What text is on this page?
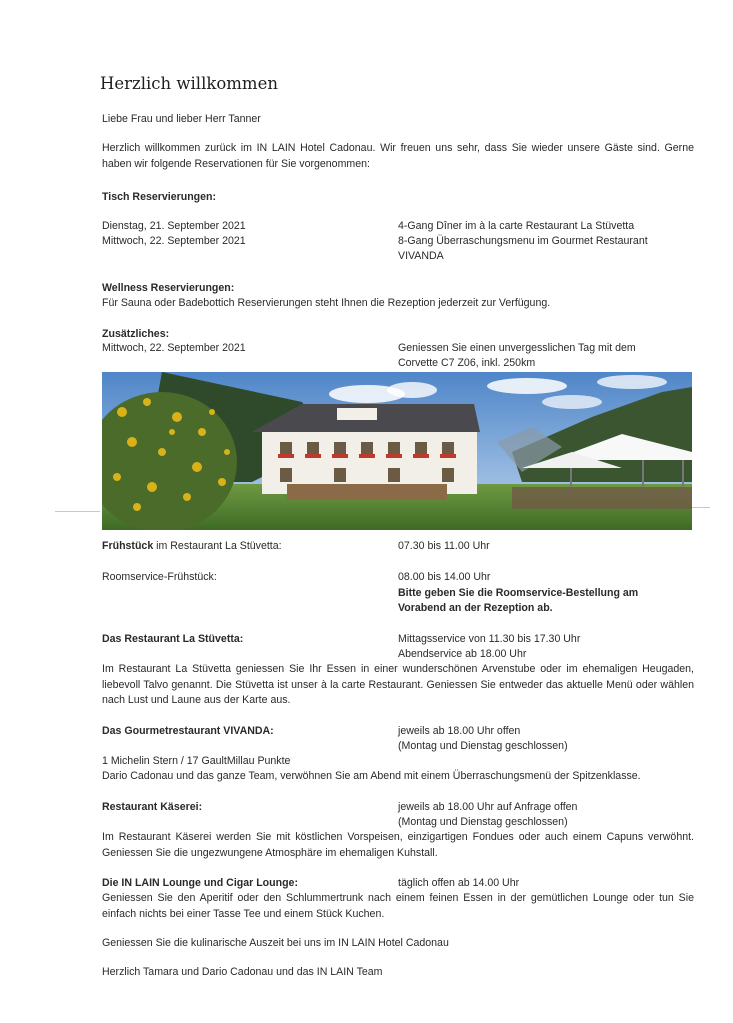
Herzlich willkommen
Liebe Frau und lieber Herr Tanner
Herzlich willkommen zurück im IN LAIN Hotel Cadonau. Wir freuen uns sehr, dass Sie wieder unsere Gäste sind. Gerne haben wir folgende Reservationen für Sie vorgenommen:
Tisch Reservierungen:
Dienstag, 21. September 2021	4-Gang Dîner im à la carte Restaurant La Stüvetta
Mittwoch, 22. September 2021	8-Gang Überraschungsmenu im Gourmet Restaurant
VIVANDA
Wellness Reservierungen:
Für Sauna oder Badebottich Reservierungen steht Ihnen die Rezeption jederzeit zur Verfügung.
Zusätzliches:
Mittwoch, 22. September 2021	Geniessen Sie einen unvergesslichen Tag mit dem
Corvette C7 Z06, inkl. 250km
Frühstück im Restaurant La Stüvetta:	07.30 bis 11.00 Uhr
Roomservice-Frühstück:	08.00 bis 14.00 Uhr
Bitte geben Sie die Roomservice-Bestellung am
Vorabend an der Rezeption ab.
Das Restaurant La Stüvetta:	Mittagsservice von 11.30 bis 17.30 Uhr
Abendservice ab 18.00 Uhr
Im Restaurant La Stüvetta geniessen Sie Ihr Essen in einer wunderschönen Arvenstube oder im ehemaligen Heugaden, liebevoll Talvo genannt. Die Stüvetta ist unser à la carte Restaurant. Geniessen Sie entweder das aktuelle Menü oder wählen nach Lust und Laune aus der Karte aus.
Das Gourmetrestaurant VIVANDA:	jeweils ab 18.00 Uhr offen
(Montag und Dienstag geschlossen)
1 Michelin Stern / 17 GaultMillau Punkte
Dario Cadonau und das ganze Team, verwöhnen Sie am Abend mit einem Überraschungsmenü der Spitzenklasse.
Restaurant Käserei:	jeweils ab 18.00 Uhr auf Anfrage offen
(Montag und Dienstag geschlossen)
Im Restaurant Käserei werden Sie mit köstlichen Vorspeisen, einzigartigen Fondues oder auch einem Capuns verwöhnt. Geniessen Sie die ungezwungene Atmosphäre im ehemaligen Kuhstall.
Die IN LAIN Lounge und Cigar Lounge:	täglich offen ab 14.00 Uhr
Geniessen Sie den Aperitif oder den Schlummertrunk nach einem feinen Essen in der gemütlichen Lounge oder tun Sie einfach nichts bei einer Tasse Tee und einem Stück Kuchen.
Geniessen Sie die kulinarische Auszeit bei uns im IN LAIN Hotel Cadonau
Herzlich Tamara und Dario Cadonau und das IN LAIN Team
